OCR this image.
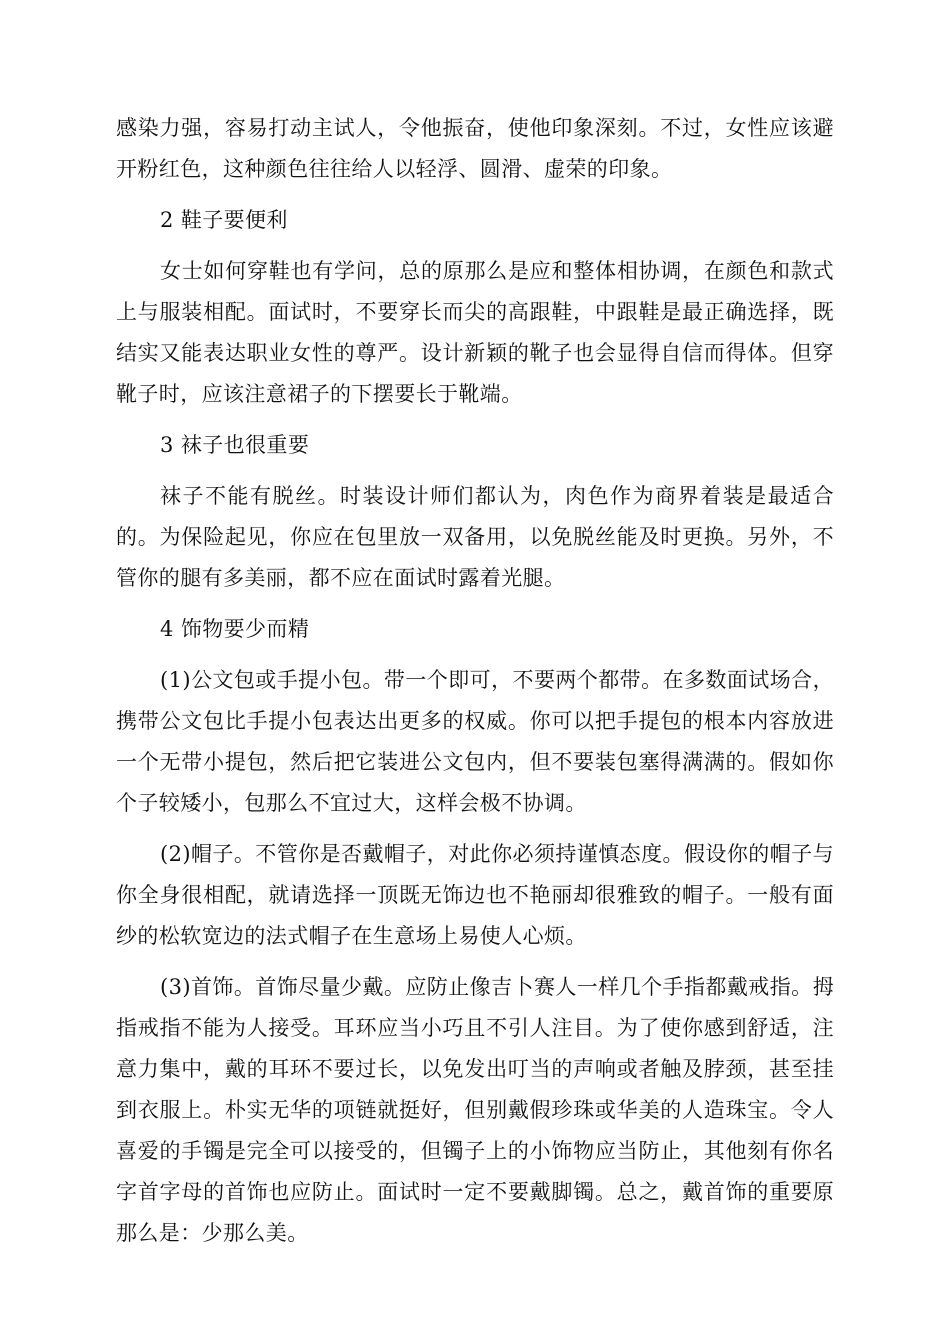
感染力强，容易打动主试人，令他振奋，使他印象深刻。不过，女性应该避开粉红色，这种颜色往往给人以轻浮、圆滑、虚荣的印象。

2 鞋子要便利

女士如何穿鞋也有学问，总的原那么是应和整体相协调，在颜色和款式上与服装相配。面试时，不要穿长而尖的高跟鞋，中跟鞋是最正确选择，既结实又能表达职业女性的尊严。设计新颖的靴子也会显得自信而得体。但穿靴子时，应该注意裙子的下摆要长于靴端。

3 袜子也很重要

袜子不能有脱丝。时装设计师们都认为，肉色作为商界着装是最适合的。为保险起见，你应在包里放一双备用，以免脱丝能及时更换。另外，不管你的腿有多美丽，都不应在面试时露着光腿。

4 饰物要少而精

(1)公文包或手提小包。带一个即可，不要两个都带。在多数面试场合，携带公文包比手提小包表达出更多的权威。你可以把手提包的根本内容放进一个无带小提包，然后把它装进公文包内，但不要装包塞得满满的。假如你个子较矮小，包那么不宜过大，这样会极不协调。

(2)帽子。不管你是否戴帽子，对此你必须持谨慎态度。假设你的帽子与你全身很相配，就请选择一顶既无饰边也不艳丽却很雅致的帽子。一般有面纱的松软宽边的法式帽子在生意场上易使人心烦。

(3)首饰。首饰尽量少戴。应防止像吉卜赛人一样几个手指都戴戒指。拇指戒指不能为人接受。耳环应当小巧且不引人注目。为了使你感到舒适，注意力集中，戴的耳环不要过长，以免发出叮当的声响或者触及脖颈，甚至挂到衣服上。朴实无华的项链就挺好，但别戴假珍珠或华美的人造珠宝。令人喜爱的手镯是完全可以接受的，但镯子上的小饰物应当防止，其他刻有你名字首字母的首饰也应防止。面试时一定不要戴脚镯。总之，戴首饰的重要原那么是：少那么美。
